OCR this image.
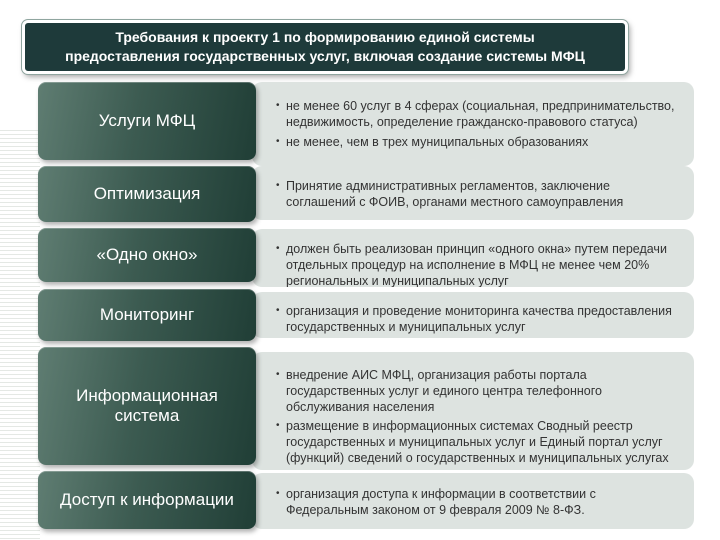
Требования к проекту 1 по формированию единой системы
предоставления государственных услуг, включая создание системы МФЦ
• не менее 60 услуг в 4 сферах (социальная, предпринимательство, недвижимость, определение гражданско-правового статуса)
• не менее, чем в трех муниципальных образованиях
Услуги МФЦ
• Принятие административных регламентов, заключение соглашений с ФОИВ, органами местного самоуправления
Оптимизация
• должен быть реализован принцип «одного окна» путем передачи отдельных процедур на исполнение в МФЦ не менее чем 20% региональных и муниципальных услуг
«Одно окно»
• организация и проведение мониторинга качества предоставления государственных и муниципальных услуг
Мониторинг
• внедрение АИС МФЦ, организация работы портала государственных услуг и единого центра телефонного обслуживания населения
• размещение в информационных системах Сводный реестр государственных и муниципальных услуг и Единый портал услуг (функций) сведений о государственных и муниципальных услугах
Информационная система
• организация доступа к информации в соответствии с Федеральным законом от 9 февраля 2009 № 8-ФЗ.
Доступ к информации
